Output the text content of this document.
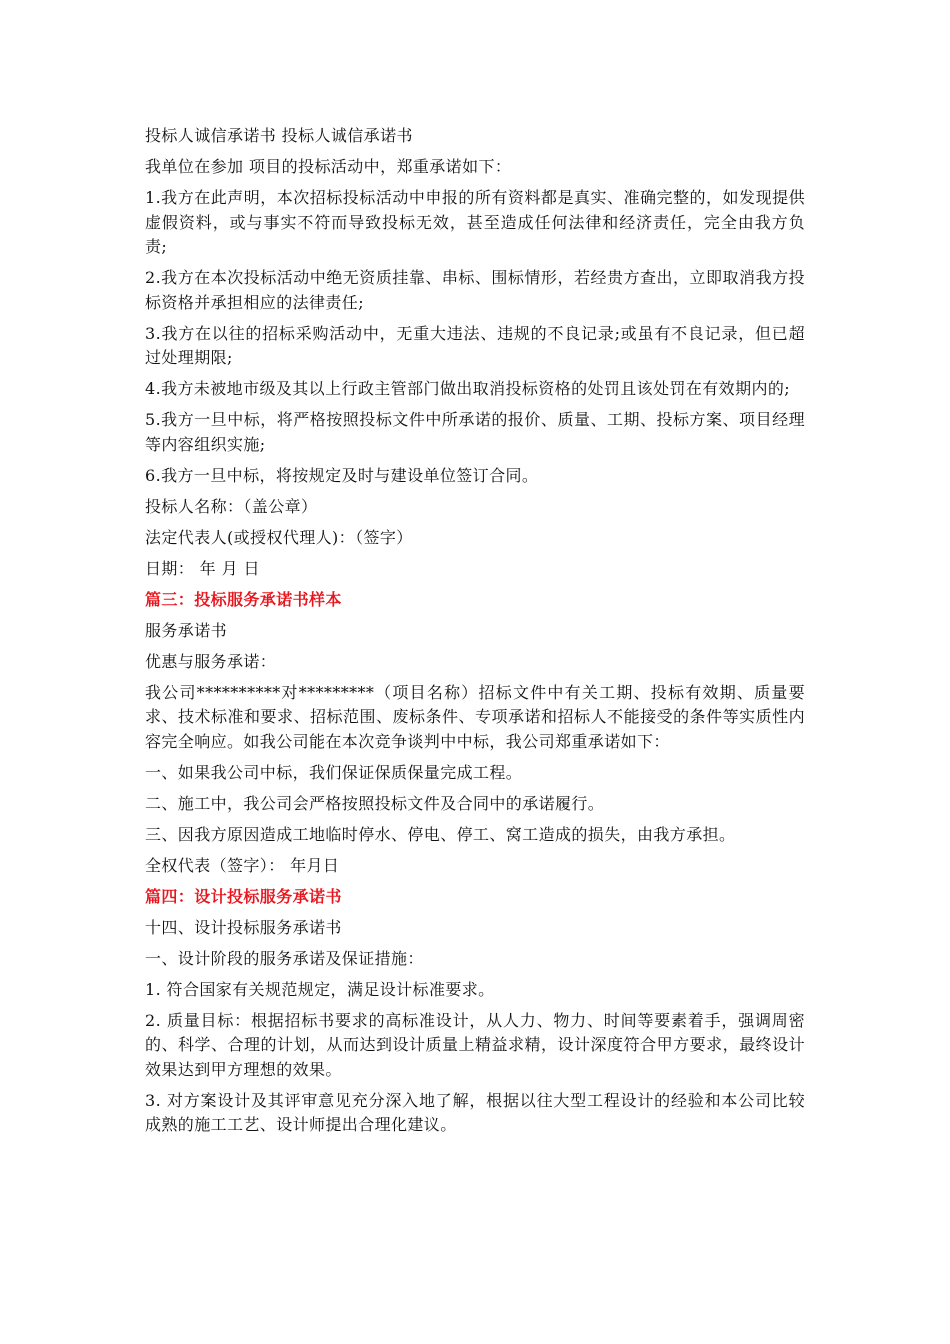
投标人诚信承诺书 投标人诚信承诺书

我单位在参加 项目的投标活动中，郑重承诺如下：

1.我方在此声明，本次招标投标活动中申报的所有资料都是真实、准确完整的，如发现提供虚假资料，或与事实不符而导致投标无效，甚至造成任何法律和经济责任，完全由我方负责;

2.我方在本次投标活动中绝无资质挂靠、串标、围标情形，若经贵方查出，立即取消我方投标资格并承担相应的法律责任;

3.我方在以往的招标采购活动中，无重大违法、违规的不良记录;或虽有不良记录，但已超过处理期限;

4.我方未被地市级及其以上行政主管部门做出取消投标资格的处罚且该处罚在有效期内的;

5.我方一旦中标，将严格按照投标文件中所承诺的报价、质量、工期、投标方案、项目经理等内容组织实施;

6.我方一旦中标，将按规定及时与建设单位签订合同。

投标人名称：（盖公章）

法定代表人(或授权代理人)：（签字）

日期： 年 月 日

篇三：投标服务承诺书样本

服务承诺书

优惠与服务承诺：

我公司**********对*********（项目名称）招标文件中有关工期、投标有效期、质量要求、技术标准和要求、招标范围、废标条件、专项承诺和招标人不能接受的条件等实质性内容完全响应。如我公司能在本次竞争谈判中中标，我公司郑重承诺如下：

一、如果我公司中标，我们保证保质保量完成工程。

二、施工中，我公司会严格按照投标文件及合同中的承诺履行。

三、因我方原因造成工地临时停水、停电、停工、窝工造成的损失，由我方承担。

全权代表（签字）： 年月日

篇四：设计投标服务承诺书

十四、设计投标服务承诺书

一、设计阶段的服务承诺及保证措施：

1. 符合国家有关规范规定，满足设计标准要求。

2. 质量目标：根据招标书要求的高标准设计，从人力、物力、时间等要素着手，强调周密的、科学、合理的计划，从而达到设计质量上精益求精，设计深度符合甲方要求，最终设计效果达到甲方理想的效果。

3. 对方案设计及其评审意见充分深入地了解，根据以往大型工程设计的经验和本公司比较成熟的施工工艺、设计师提出合理化建议。
